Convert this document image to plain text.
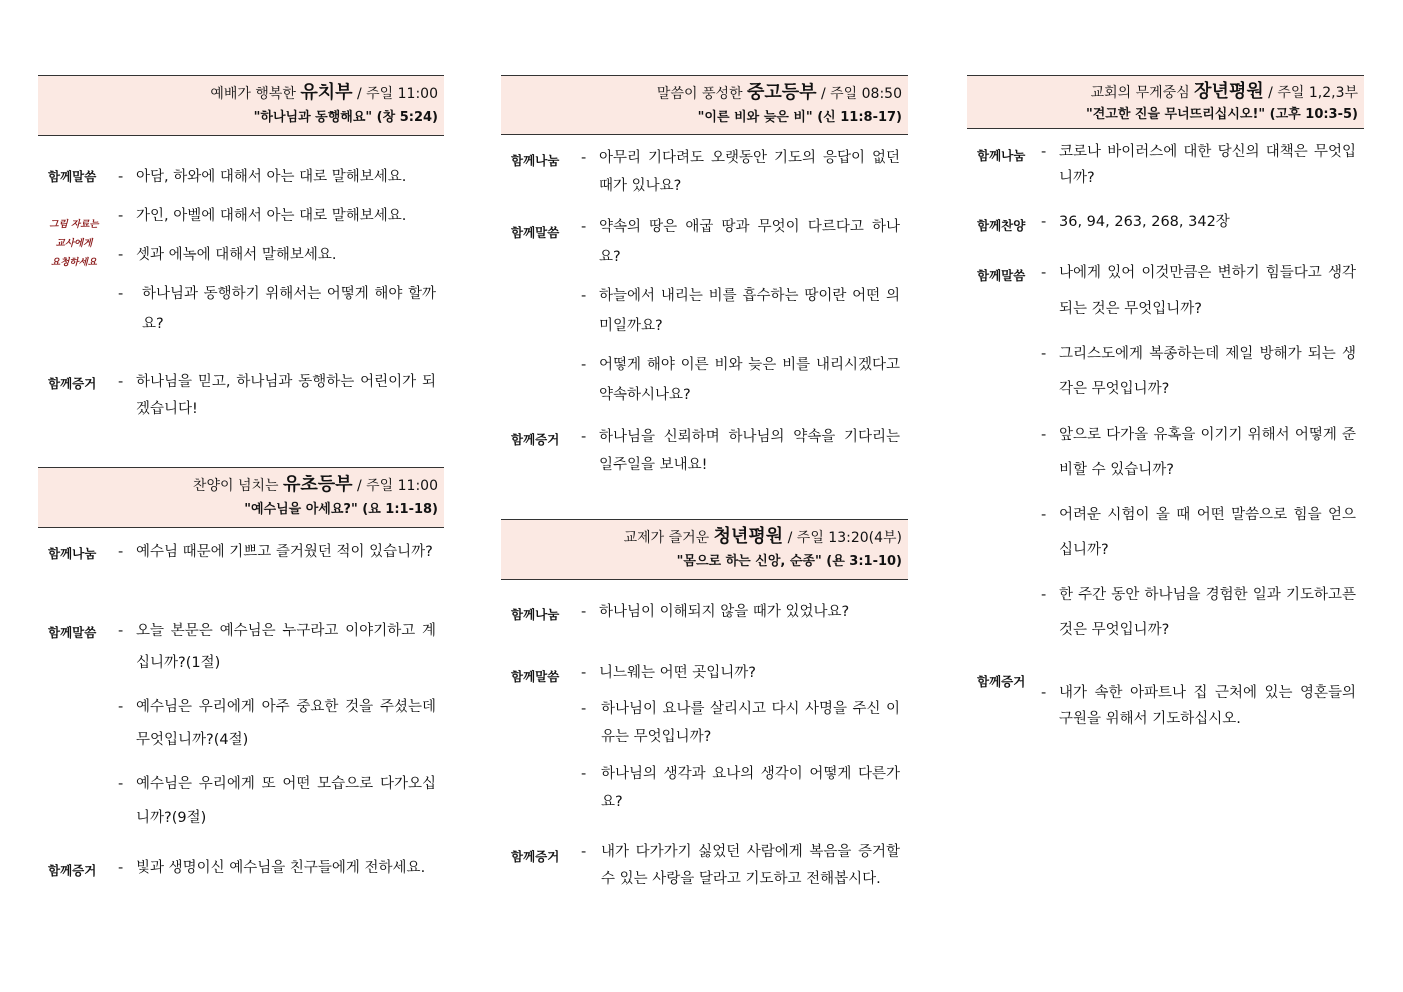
예배가 행복한 유치부 / 주일 11:00
"하나님과 동행해요" (창 5:24)
함께말씀
그림 자료는
교사에게
요청하세요
- 아담, 하와에 대해서 아는 대로 말해보세요.
- 가인, 아벨에 대해서 아는 대로 말해보세요.
- 셋과 에녹에 대해서 말해보세요.
-	하나님과 동행하기 위해서는 어떻게 해야 할까요?
함께증거 - 하나님을 믿고, 하나님과 동행하는 어린이가 되겠습니다!
찬양이 넘치는 유초등부 / 주일 11:00
"예수님을 아세요?" (요 1:1-18)
함께나눔 - 예수님 때문에 기쁘고 즐거웠던 적이 있습니까?
함께말씀 - 오늘 본문은 예수님은 누구라고 이야기하고 계십니까?(1절)
- 예수님은 우리에게 아주 중요한 것을 주셨는데 무엇입니까?(4절)
- 예수님은 우리에게 또 어떤 모습으로 다가오십니까?(9절)
함께증거 - 빛과 생명이신 예수님을 친구들에게 전하세요.
말씀이 풍성한 중고등부 / 주일 08:50
"이른 비와 늦은 비" (신 11:8-17)
함께나눔 - 아무리 기다려도 오랫동안 기도의 응답이 없던 때가 있나요?
함께말씀 - 약속의 땅은 애굽 땅과 무엇이 다르다고 하나요?
- 하늘에서 내리는 비를 흡수하는 땅이란 어떤 의미일까요?
- 어떻게 해야 이른 비와 늦은 비를 내리시겠다고 약속하시나요?
함께증거 - 하나님을 신뢰하며 하나님의 약속을 기다리는 일주일을 보내요!
교제가 즐거운 청년평원 / 주일 13:20(4부)
"몸으로 하는 신앙, 순종" (욘 3:1-10)
함께나눔 - 하나님이 이해되지 않을 때가 있었나요?
함께말씀 - 니느웨는 어떤 곳입니까?
-	하나님이 요나를 살리시고 다시 사명을 주신 이유는 무엇입니까?
-	하나님의 생각과 요나의 생각이 어떻게 다른가요?
함께증거 -	내가 다가가기 싫었던 사람에게 복음을 증거할 수 있는 사랑을 달라고 기도하고 전해봅시다.
교회의 무게중심 장년평원 / 주일 1,2,3부
"견고한 진을 무너뜨리십시오!" (고후 10:3-5)
함께나눔 - 코로나 바이러스에 대한 당신의 대책은 무엇입니까?
함께찬양 - 36, 94, 263, 268, 342장
함께말씀 - 나에게 있어 이것만큼은 변하기 힘들다고 생각되는 것은 무엇입니까?
- 그리스도에게 복종하는데 제일 방해가 되는 생각은 무엇입니까?
- 앞으로 다가올 유혹을 이기기 위해서 어떻게 준비할 수 있습니까?
- 어려운 시험이 올 때 어떤 말씀으로 힘을 얻으십니까?
- 한 주간 동안 하나님을 경험한 일과 기도하고픈 것은 무엇입니까?
함께증거
- 내가 속한 아파트나 집 근처에 있는 영혼들의 구원을 위해서 기도하십시오.
